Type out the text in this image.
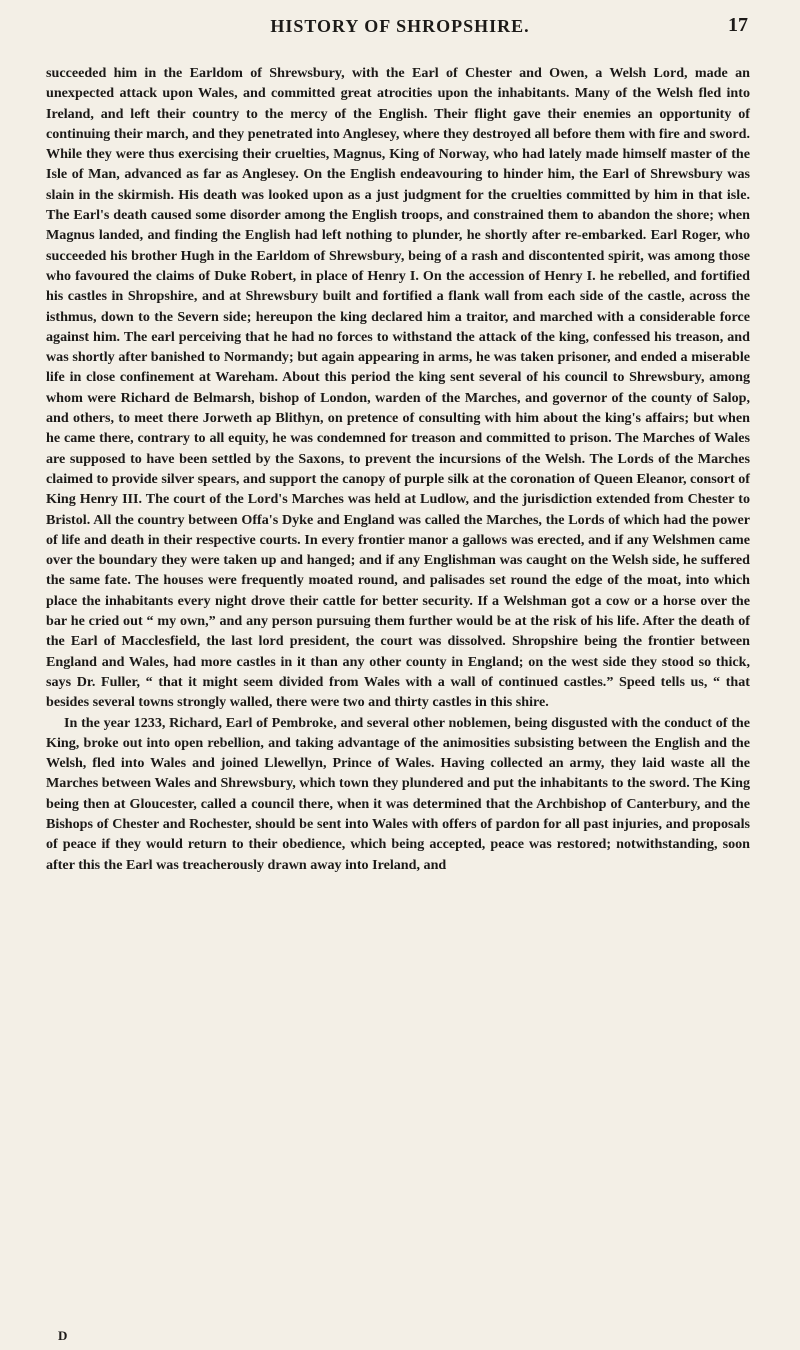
HISTORY OF SHROPSHIRE.	17

succeeded him in the Earldom of Shrewsbury, with the Earl of Chester and Owen, a Welsh Lord, made an unexpected attack upon Wales, and committed great atrocities upon the inhabitants. Many of the Welsh fled into Ireland, and left their country to the mercy of the English. Their flight gave their enemies an opportunity of continuing their march, and they penetrated into Anglesey, where they destroyed all before them with fire and sword. While they were thus exercising their cruelties, Magnus, King of Norway, who had lately made himself master of the Isle of Man, advanced as far as Anglesey. On the English endeavouring to hinder him, the Earl of Shrewsbury was slain in the skirmish. His death was looked upon as a just judgment for the cruelties committed by him in that isle. The Earl's death caused some disorder among the English troops, and constrained them to abandon the shore; when Magnus landed, and finding the English had left nothing to plunder, he shortly after re-embarked. Earl Roger, who succeeded his brother Hugh in the Earldom of Shrewsbury, being of a rash and discontented spirit, was among those who favoured the claims of Duke Robert, in place of Henry I. On the accession of Henry I. he rebelled, and fortified his castles in Shropshire, and at Shrewsbury built and fortified a flank wall from each side of the castle, across the isthmus, down to the Severn side; hereupon the king declared him a traitor, and marched with a considerable force against him. The earl perceiving that he had no forces to withstand the attack of the king, confessed his treason, and was shortly after banished to Normandy; but again appearing in arms, he was taken prisoner, and ended a miserable life in close confinement at Wareham. About this period the king sent several of his council to Shrewsbury, among whom were Richard de Belmarsh, bishop of London, warden of the Marches, and governor of the county of Salop, and others, to meet there Jorweth ap Blithyn, on pretence of consulting with him about the king's affairs; but when he came there, contrary to all equity, he was condemned for treason and committed to prison. The Marches of Wales are supposed to have been settled by the Saxons, to prevent the incursions of the Welsh. The Lords of the Marches claimed to provide silver spears, and support the canopy of purple silk at the coronation of Queen Eleanor, consort of King Henry III. The court of the Lord's Marches was held at Ludlow, and the jurisdiction extended from Chester to Bristol. All the country between Offa's Dyke and England was called the Marches, the Lords of which had the power of life and death in their respective courts. In every frontier manor a gallows was erected, and if any Welshmen came over the boundary they were taken up and hanged; and if any Englishman was caught on the Welsh side, he suffered the same fate. The houses were frequently moated round, and palisades set round the edge of the moat, into which place the inhabitants every night drove their cattle for better security. If a Welshman got a cow or a horse over the bar he cried out “ my own,” and any person pursuing them further would be at the risk of his life. After the death of the Earl of Macclesfield, the last lord president, the court was dissolved. Shropshire being the frontier between England and Wales, had more castles in it than any other county in England; on the west side they stood so thick, says Dr. Fuller, “ that it might seem divided from Wales with a wall of continued castles.” Speed tells us, “ that besides several towns strongly walled, there were two and thirty castles in this shire.

In the year 1233, Richard, Earl of Pembroke, and several other noblemen, being disgusted with the conduct of the King, broke out into open rebellion, and taking advantage of the animosities subsisting between the English and the Welsh, fled into Wales and joined Llewellyn, Prince of Wales. Having collected an army, they laid waste all the Marches between Wales and Shrewsbury, which town they plundered and put the inhabitants to the sword. The King being then at Gloucester, called a council there, when it was determined that the Archbishop of Canterbury, and the Bishops of Chester and Rochester, should be sent into Wales with offers of pardon for all past injuries, and proposals of peace if they would return to their obedience, which being accepted, peace was restored; notwithstanding, soon after this the Earl was treacherously drawn away into Ireland, and

D
